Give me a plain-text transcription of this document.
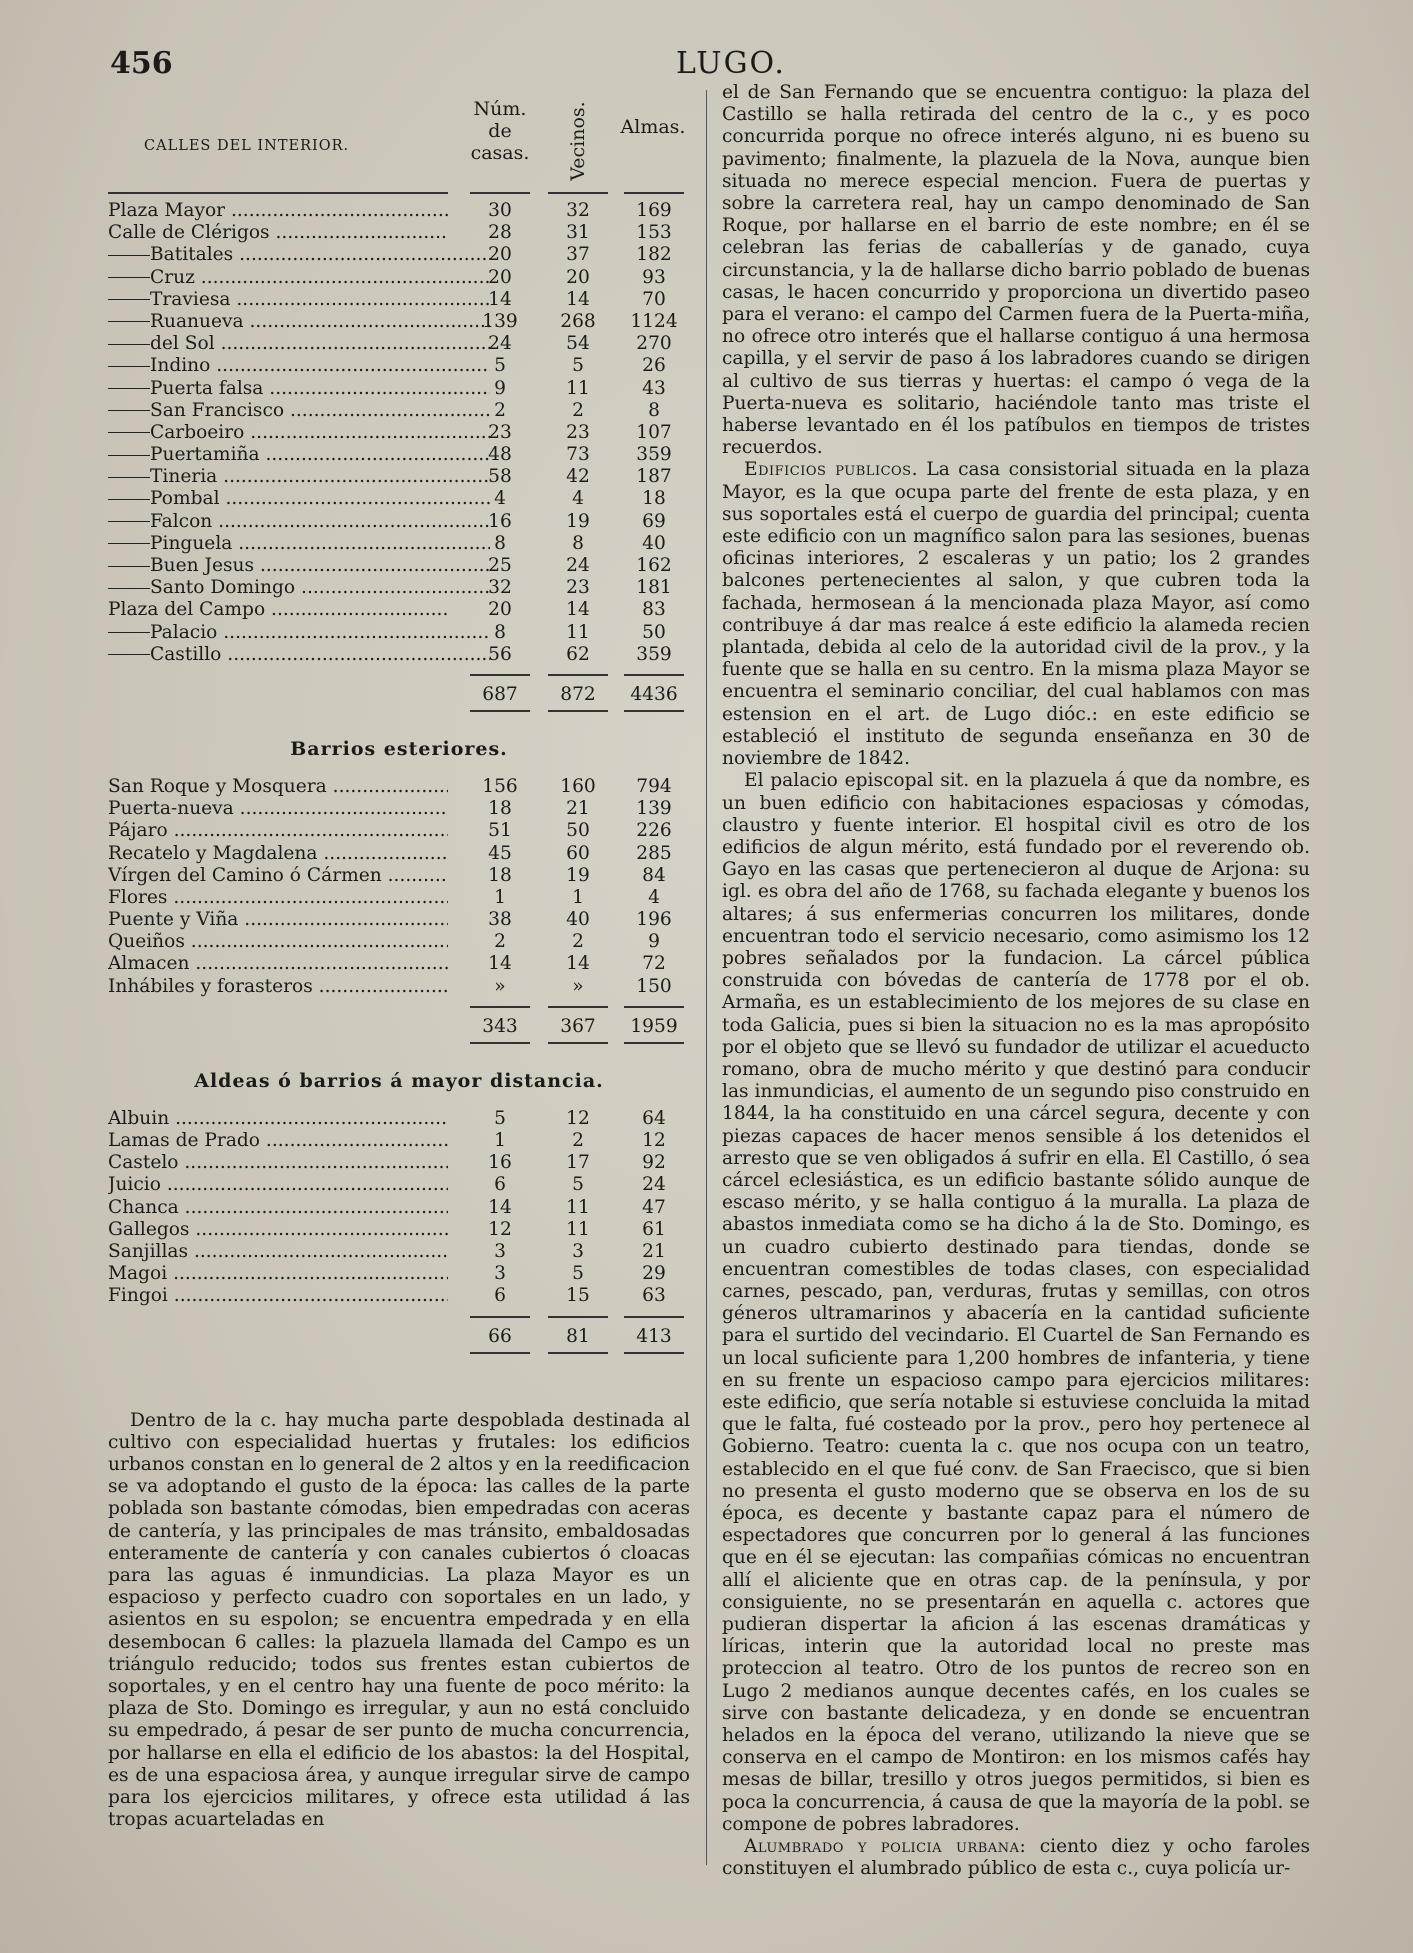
456	LUGO.
CALLES DEL INTERIOR.
Núm. de casas.	Vecinos. Almas.
Plaza Mayor .....	30	32	169
Calle de Clérigos .....	28	31	153
Batitales .....	20	37	182
Cruz .....	20	20	93
Traviesa .....	14	14	70
Ruanueva .....	139	268	1124
del Sol .....	24	54	270
Indino .....	5	5	26
Puerta falsa .....	9	11	43
San Francisco .....	2	2	8
Carboeiro .....	23	23	107
Puertamiña .....	48	73	359
Tineria .....	58	42	187
Pombal .....	4	4	18
Falcon .....	16	19	69
Pinguela .....	8	8	40
Buen Jesus .....	25	24	162
Santo Domingo .....	32	23	181
Plaza del Campo .....	20	14	83
Palacio .....	8	11	50
Castillo .....	56	62	359
687	872	4436
Barrios esteriores.
San Roque y Mosquera .....	156	160	794
Puerta-nueva .....	18	21	139
Pájaro .....	51	50	226
Recatelo y Magdalena .....	45	60	285
Vírgen del Camino ó Cármen .....	18	19	84
Flores .....	1	1	4
Puente y Viña .....	38	40	196
Queiños .....	2	2	9
Almacen .....	14	14	72
Inhábiles y forasteros .....	»	»	150
343	367	1959
Aldeas ó barrios á mayor distancia.
Albuin .....	5	12	64
Lamas de Prado .....	1	2	12
Castelo .....	16	17	92
Juicio .....	6	5	24
Chanca .....	14	11	47
Gallegos .....	12	11	61
Sanjillas .....	3	3	21
Magoi .....	3	5	29
Fingoi .....	6	15	63
66	81	413

Dentro de la c. hay mucha parte despoblada destinada al cultivo con especialidad huertas y frutales: los edificios urbanos constan en lo general de 2 altos y en la reedificacion se va adoptando el gusto de la época: las calles de la parte poblada son bastante cómodas, bien empedradas con aceras de cantería, y las principales de mas tránsito, embaldosadas enteramente de cantería y con canales cubiertos ó cloacas para las aguas é inmundicias. La plaza Mayor es un espacioso y perfecto cuadro con soportales en un lado, y asientos en su espolon; se encuentra empedrada y en ella desembocan 6 calles: la plazuela llamada del Campo es un triángulo reducido; todos sus frentes estan cubiertos de soportales, y en el centro hay una fuente de poco mérito: la plaza de Sto. Domingo es irregular, y aun no está concluido su empedrado, á pesar de ser punto de mucha concurrencia, por hallarse en ella el edificio de los abastos: la del Hospital, es de una espaciosa área, y aunque irregular sirve de campo para los ejercicios militares, y ofrece esta utilidad á las tropas acuarteladas en

el de San Fernando que se encuentra contiguo: la plaza del Castillo se halla retirada del centro de la c., y es poco concurrida porque no ofrece interés alguno, ni es bueno su pavimento; finalmente, la plazuela de la Nova, aunque bien situada no merece especial mencion. Fuera de puertas y sobre la carretera real, hay un campo denominado de San Roque, por hallarse en el barrio de este nombre; en él se celebran las ferias de caballerías y de ganado, cuya circunstancia, y la de hallarse dicho barrio poblado de buenas casas, le hacen concurrido y proporciona un divertido paseo para el verano: el campo del Carmen fuera de la Puerta-miña, no ofrece otro interés que el hallarse contiguo á una hermosa capilla, y el servir de paso á los labradores cuando se dirigen al cultivo de sus tierras y huertas: el campo ó vega de la Puerta-nueva es solitario, haciéndole tanto mas triste el haberse levantado en él los patíbulos en tiempos de tristes recuerdos.

Edificios publicos. La casa consistorial situada en la plaza Mayor, es la que ocupa parte del frente de esta plaza, y en sus soportales está el cuerpo de guardia del principal; cuenta este edificio con un magnífico salon para las sesiones, buenas oficinas interiores, 2 escaleras y un patio; los 2 grandes balcones pertenecientes al salon, y que cubren toda la fachada, hermosean á la mencionada plaza Mayor, así como contribuye á dar mas realce á este edificio la alameda recien plantada, debida al celo de la autoridad civil de la prov., y la fuente que se halla en su centro. En la misma plaza Mayor se encuentra el seminario conciliar, del cual hablamos con mas estension en el art. de Lugo dióc.: en este edificio se estableció el instituto de segunda enseñanza en 30 de noviembre de 1842.

El palacio episcopal sit. en la plazuela á que da nombre, es un buen edificio con habitaciones espaciosas y cómodas, claustro y fuente interior. El hospital civil es otro de los edificios de algun mérito, está fundado por el reverendo ob. Gayo en las casas que pertenecieron al duque de Arjona: su igl. es obra del año de 1768, su fachada elegante y buenos los altares; á sus enfermerias concurren los militares, donde encuentran todo el servicio necesario, como asimismo los 12 pobres señalados por la fundacion. La cárcel pública construida con bóvedas de cantería de 1778 por el ob. Armaña, es un establecimiento de los mejores de su clase en toda Galicia, pues si bien la situacion no es la mas apropósito por el objeto que se llevó su fundador de utilizar el acueducto romano, obra de mucho mérito y que destinó para conducir las inmundicias, el aumento de un segundo piso construido en 1844, la ha constituido en una cárcel segura, decente y con piezas capaces de hacer menos sensible á los detenidos el arresto que se ven obligados á sufrir en ella. El Castillo, ó sea cárcel eclesiástica, es un edificio bastante sólido aunque de escaso mérito, y se halla contiguo á la muralla. La plaza de abastos inmediata como se ha dicho á la de Sto. Domingo, es un cuadro cubierto destinado para tiendas, donde se encuentran comestibles de todas clases, con especialidad carnes, pescado, pan, verduras, frutas y semillas, con otros géneros ultramarinos y abacería en la cantidad suficiente para el surtido del vecindario. El Cuartel de San Fernando es un local suficiente para 1,200 hombres de infanteria, y tiene en su frente un espacioso campo para ejercicios militares: este edificio, que sería notable si estuviese concluida la mitad que le falta, fué costeado por la prov., pero hoy pertenece al Gobierno. Teatro: cuenta la c. que nos ocupa con un teatro, establecido en el que fué conv. de San Fraecisco, que si bien no presenta el gusto moderno que se observa en los de su época, es decente y bastante capaz para el número de espectadores que concurren por lo general á las funciones que en él se ejecutan: las compañias cómicas no encuentran allí el aliciente que en otras cap. de la península, y por consiguiente, no se presentarán en aquella c. actores que pudieran dispertar la aficion á las escenas dramáticas y líricas, interin que la autoridad local no preste mas proteccion al teatro. Otro de los puntos de recreo son en Lugo 2 medianos aunque decentes cafés, en los cuales se sirve con bastante delicadeza, y en donde se encuentran helados en la época del verano, utilizando la nieve que se conserva en el campo de Montiron: en los mismos cafés hay mesas de billar, tresillo y otros juegos permitidos, si bien es poca la concurrencia, á causa de que la mayoría de la pobl. se compone de pobres labradores.

Alumbrado y policia urbana: ciento diez y ocho faroles constituyen el alumbrado público de esta c., cuya policía ur-
